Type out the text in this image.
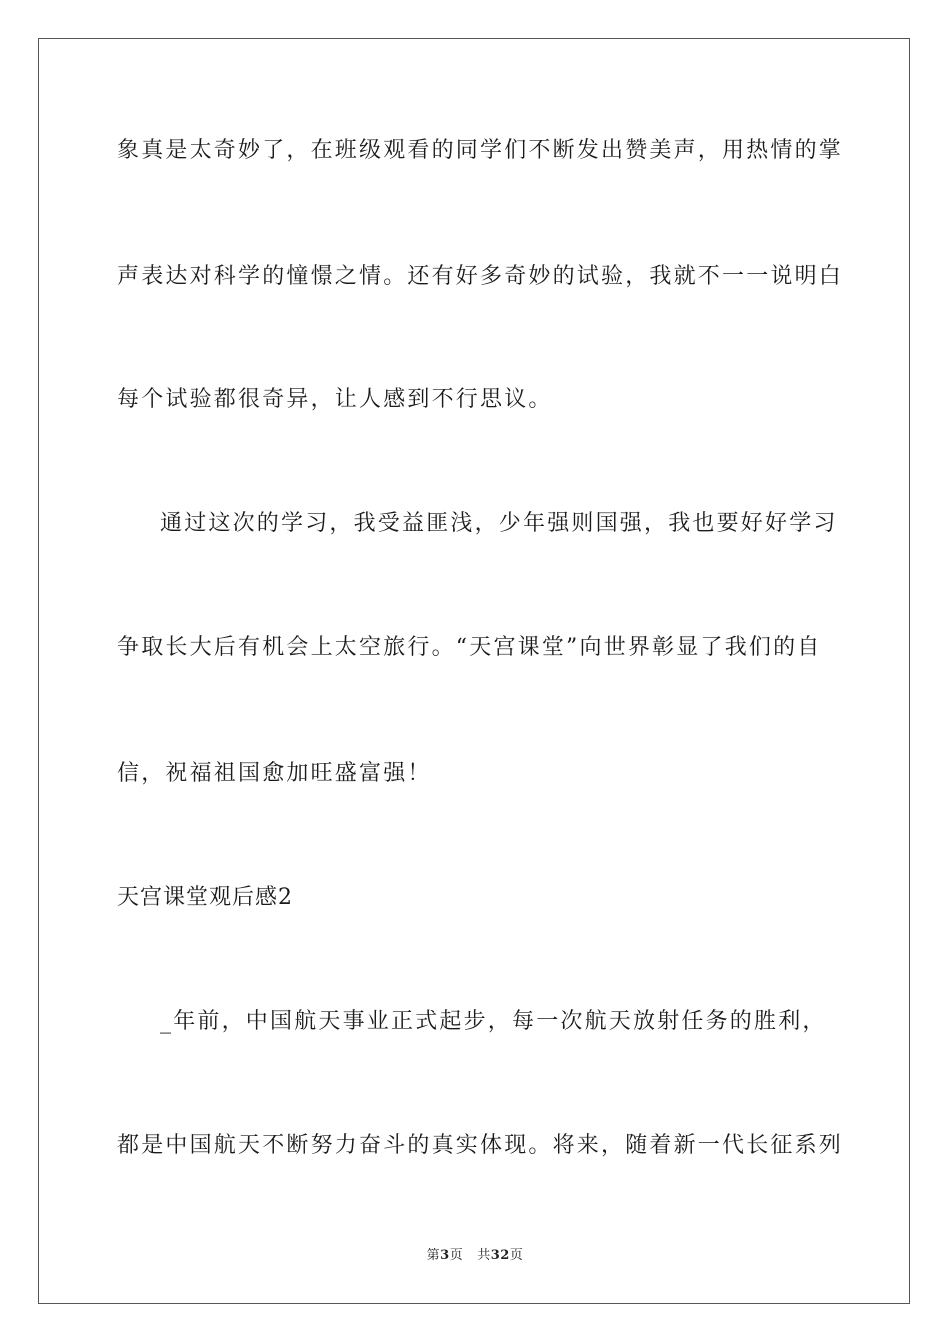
象真是太奇妙了，在班级观看的同学们不断发出赞美声，用热情的掌
声表达对科学的憧憬之情。还有好多奇妙的试验，我就不一一说明白
每个试验都很奇异，让人感到不行思议。
通过这次的学习，我受益匪浅，少年强则国强，我也要好好学习
争取长大后有机会上太空旅行。“天宫课堂”向世界彰显了我们的自
信，祝福祖国愈加旺盛富强！
天宫课堂观后感2
_年前，中国航天事业正式起步，每一次航天放射任务的胜利，
都是中国航天不断努力奋斗的真实体现。将来，随着新一代长征系列
第3页 共32页
